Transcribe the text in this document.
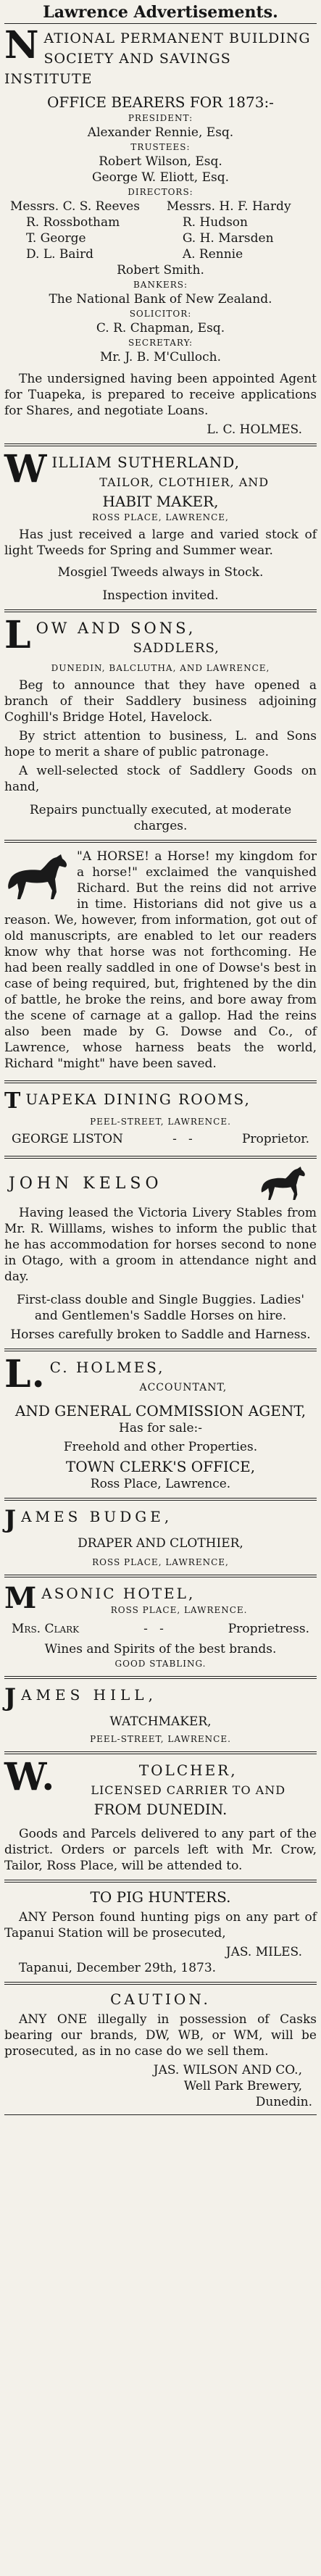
Lawrence Advertisements.
N ATIONAL PERMANENT BUILDING
SOCIETY AND SAVINGS INSTITUTE
OFFICE BEARERS FOR 1873:-
PRESIDENT:
Alexander Rennie, Esq.
TRUSTEES:
Robert Wilson, Esq.
George W. Eliott, Esq.
DIRECTORS:
Messrs. C. S. Reeves	Messrs. H. F. Hardy
R. Rossbotham	R. Hudson
T. George	G. H. Marsden
D. L. Baird	A. Rennie
Robert Smith.
BANKERS:
The National Bank of New Zealand.
SOLICITOR:
C. R. Chapman, Esq.
SECRETARY:
Mr. J. B. M'Culloch.

The undersigned having been appointed Agent for Tuapeka, is prepared to receive applications for Shares, and negotiate Loans.

L. C. HOLMES.
W ILLIAM SUTHERLAND,
TAILOR, CLOTHIER, AND
HABIT MAKER,
ROSS PLACE, LAWRENCE,

Has just received a large and varied stock of light Tweeds for Spring and Summer wear.

Mosgiel Tweeds always in Stock.
Inspection invited.
L OW AND SONS,
SADDLERS,
DUNEDIN, BALCLUTHA, AND LAWRENCE,

Beg to announce that they have opened a branch of their Saddlery business adjoining Coghill's Bridge Hotel, Havelock.

By strict attention to business, L. and Sons hope to merit a share of public patronage.

A well-selected stock of Saddlery Goods on hand,

Repairs punctually executed, at moderate charges.

"A HORSE! a Horse! my kingdom for a horse!" exclaimed the vanquished Richard. But the reins did not arrive in time. Historians did not give us a reason. We, however, from information, got out of old manuscripts, are enabled to let our readers know why that horse was not forthcoming. He had been really saddled in one of Dowse's best in case of being required, but, frightened by the din of battle, he broke the reins, and bore away from the scene of carnage at a gallop. Had the reins also been made by G. Dowse and Co., of Lawrence, whose harness beats the world, Richard "might" have been saved.

T UAPEKA DINING ROOMS,
PEEL-STREET, LAWRENCE.
GEORGE LISTON	-   -	Proprietor.
JOHN KELSO

Having leased the Victoria Livery Stables from Mr. R. Willlams, wishes to inform the public that he has accommodation for horses second to none in Otago, with a groom in attendance night and day.

First-class double and Single Buggies. Ladies' and Gentlemen's Saddle Horses on hire.
Horses carefully broken to Saddle and Harness.
L. C. HOLMES,
ACCOUNTANT,
AND GENERAL COMMISSION AGENT,
Has for sale:-
Freehold and other Properties.
TOWN CLERK'S OFFICE,
Ross Place, Lawrence.
J AMES BUDGE,
DRAPER AND CLOTHIER,
ROSS PLACE, LAWRENCE,
M ASONIC HOTEL,
ROSS PLACE, LAWRENCE.
Mrs. Clark	-   -	Proprietress.
Wines and Spirits of the best brands.
GOOD STABLING.
J AMES HILL,
WATCHMAKER,
PEEL-STREET, LAWRENCE.
W.	TOLCHER,
LICENSED CARRIER TO AND
FROM DUNEDIN.

Goods and Parcels delivered to any part of the district. Orders or parcels left with Mr. Crow, Tailor, Ross Place, will be attended to.

TO PIG HUNTERS.

ANY Person found hunting pigs on any part of Tapanui Station will be prosecuted,

JAS. MILES.
Tapanui, December 29th, 1873.
CAUTION.

ANY ONE illegally in possession of Casks bearing our brands, DW, WB, or WM, will be prosecuted, as in no case do we sell them.

JAS. WILSON AND CO.,
Well Park Brewery,
Dunedin.
